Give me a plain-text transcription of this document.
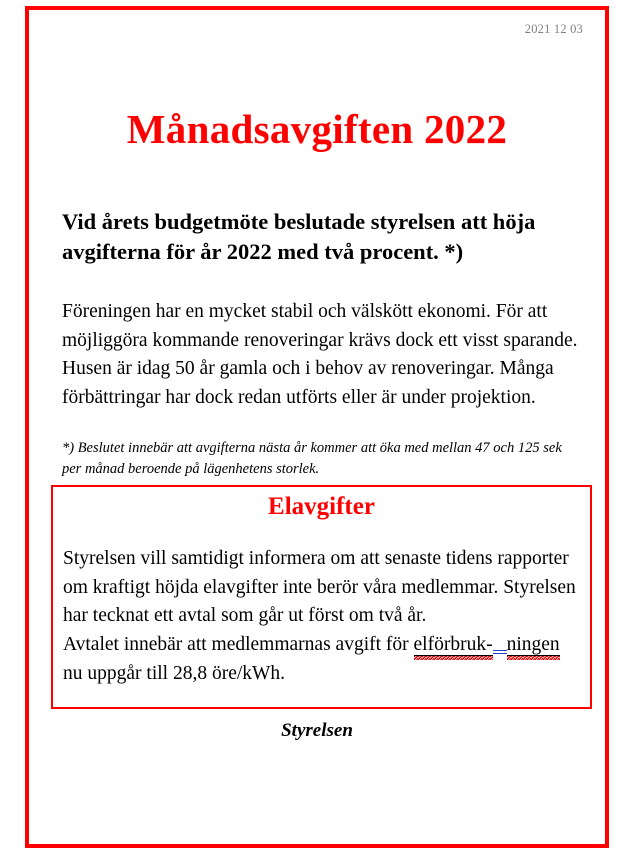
2021 12 03
Månadsavgiften 2022
Vid årets budgetmöte beslutade styrelsen att höja avgifterna för år 2022 med två procent. *)
Föreningen har en mycket stabil och välskött ekonomi. För att möjliggöra kommande renoveringar krävs dock ett visst sparande. Husen är idag 50 år gamla och i behov av renoveringar. Många förbättringar har dock redan utförts eller är under projektion.
*) Beslutet innebär att avgifterna nästa år kommer att öka med mellan 47 och 125 sek per månad beroende på lägenhetens storlek.
Elavgifter
Styrelsen vill samtidigt informera om att senaste tidens rapporter om kraftigt höjda elavgifter inte berör våra medlemmar. Styrelsen har tecknat ett avtal som går ut först om två år.
Avtalet innebär att medlemmarnas avgift för elförbruk- ningen nu uppgår till 28,8 öre/kWh.
Styrelsen
